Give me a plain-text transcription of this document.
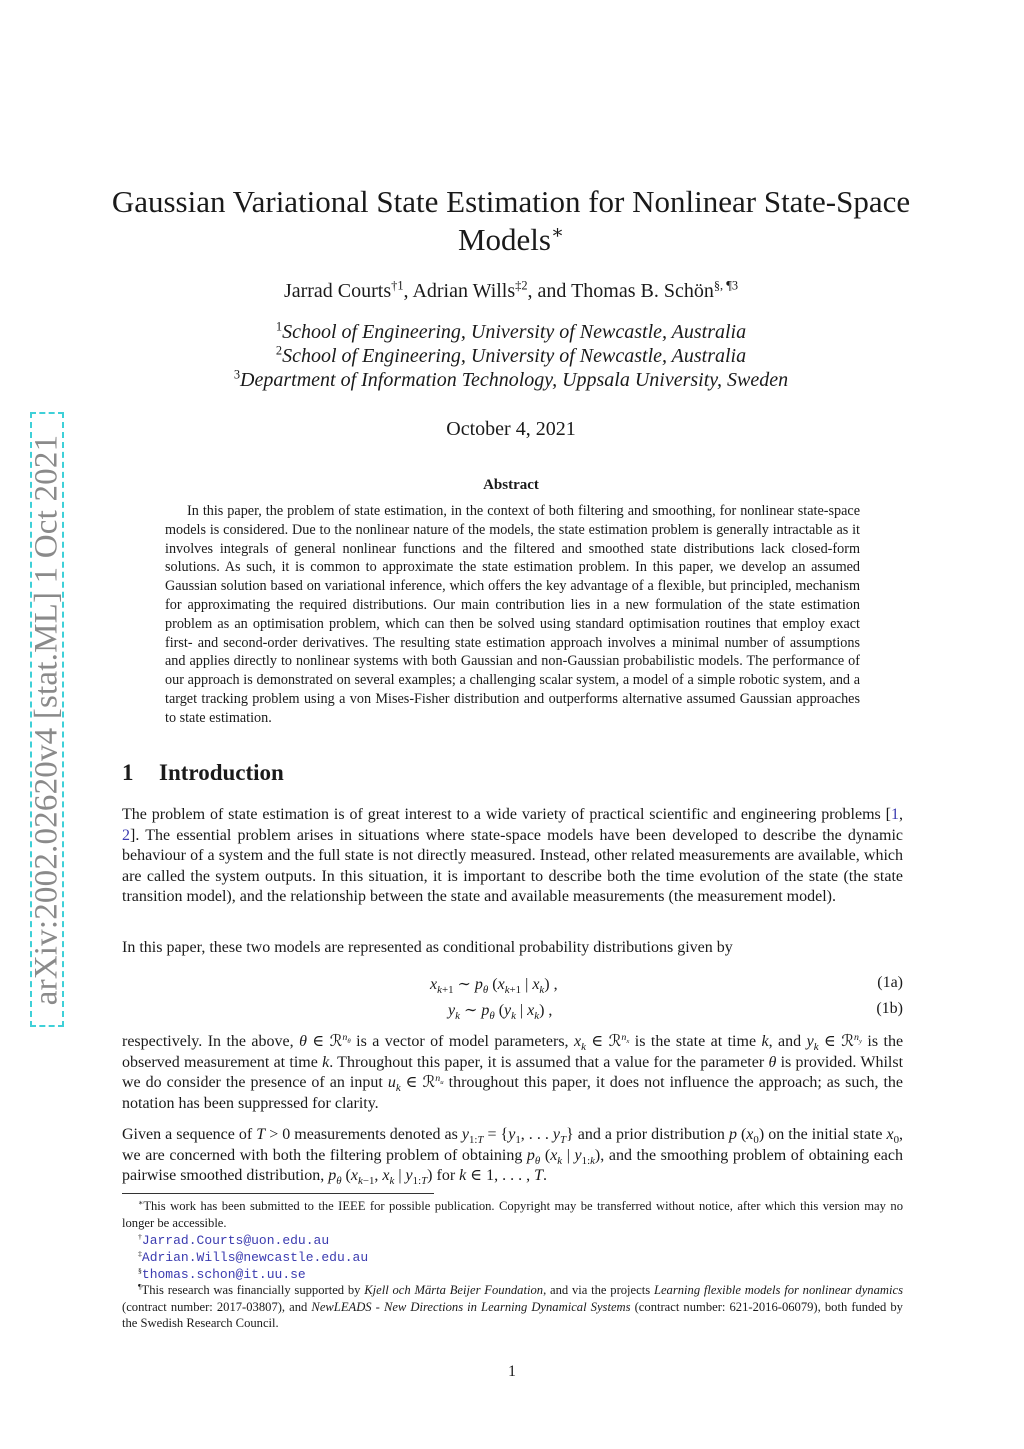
arXiv:2002.02620v4 [stat.ML] 1 Oct 2021
Gaussian Variational State Estimation for Nonlinear State-Space
Models∗
Jarrad Courts$^{\dagger 1}$, Adrian Wills$^{\ddagger 2}$, and Thomas B. Schön$^{\S, \P 3}$
$^1$School of Engineering, University of Newcastle, Australia
$^2$School of Engineering, University of Newcastle, Australia
$^3$Department of Information Technology, Uppsala University, Sweden
October 4, 2021
Abstract
In this paper, the problem of state estimation, in the context of both filtering and smoothing, for nonlinear state-space models is considered. Due to the nonlinear nature of the models, the state estimation problem is generally intractable as it involves integrals of general nonlinear functions and the filtered and smoothed state distributions lack closed-form solutions. As such, it is common to approximate the state estimation problem. In this paper, we develop an assumed Gaussian solution based on variational inference, which offers the key advantage of a flexible, but principled, mechanism for approximating the required distributions. Our main contribution lies in a new formulation of the state estimation problem as an optimisation problem, which can then be solved using standard optimisation routines that employ exact first- and second-order derivatives. The resulting state estimation approach involves a minimal number of assumptions and applies directly to nonlinear systems with both Gaussian and non-Gaussian probabilistic models. The performance of our approach is demonstrated on several examples; a challenging scalar system, a model of a simple robotic system, and a target tracking problem using a von Mises-Fisher distribution and outperforms alternative assumed Gaussian approaches to state estimation.
1 Introduction
The problem of state estimation is of great interest to a wide variety of practical scientific and engineering problems [1, 2]. The essential problem arises in situations where state-space models have been developed to describe the dynamic behaviour of a system and the full state is not directly measured. Instead, other related measurements are available, which are called the system outputs. In this situation, it is important to describe both the time evolution of the state (the state transition model), and the relationship between the state and available measurements (the measurement model).
In this paper, these two models are represented as conditional probability distributions given by
$x_{k+1}$ ∼ $p_\theta$ ($x_{k+1}$ | $x_k$) ,	(1a)
$y_k$ ∼ $p_\theta$ ($y_k$ | $x_k$) ,	(1b)
respectively. In the above, θ ∈ ℛ$^{n_\theta}$ is a vector of model parameters, $x_k$ ∈ ℛ$^{n_x}$ is the state at time k, and $y_k$ ∈ ℛ$^{n_y}$ is the observed measurement at time k. Throughout this paper, it is assumed that a value for the parameter θ is provided. Whilst we do consider the presence of an input $u_k$ ∈ ℛ$^{n_u}$ throughout this paper, it does not influence the approach; as such, the notation has been suppressed for clarity.
Given a sequence of T > 0 measurements denoted as $y_{1:T} = \{y_1$, . . . $y_T$} and a prior distribution p $(x_0)$ on the initial state $x_0$, we are concerned with both the filtering problem of obtaining $p_\theta$ ($x_k$ | $y_{1:k}$), and the smoothing problem of obtaining each pairwise smoothed distribution, $p_\theta$ ($x_{k-1}$, $x_k$ | $y_{1:T}$) for k ∈ 1, . . . , T.
∗This work has been submitted to the IEEE for possible publication. Copyright may be transferred without notice, after which this version may no longer be accessible.
†Jarrad.Courts@uon.edu.au
‡Adrian.Wills@newcastle.edu.au
§thomas.schon@it.uu.se
¶This research was financially supported by Kjell och Märta Beijer Foundation, and via the projects Learning flexible models for nonlinear dynamics (contract number: 2017-03807), and NewLEADS - New Directions in Learning Dynamical Systems (contract number: 621-2016-06079), both funded by the Swedish Research Council.
1
